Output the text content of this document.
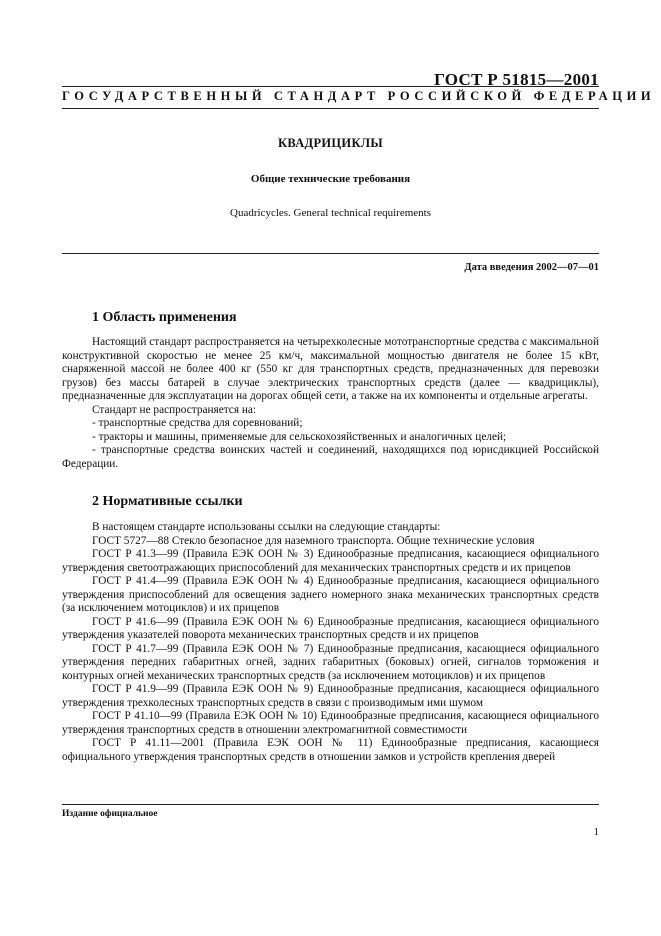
ГОСТ Р 51815—2001
ГОСУДАРСТВЕННЫЙ СТАНДАРТ РОССИЙСКОЙ ФЕДЕРАЦИИ
КВАДРИЦИКЛЫ
Общие технические требования
Quadricycles. General technical requirements
Дата введения 2002—07—01
1 Область применения

Настоящий стандарт распространяется на четырехколесные мототранспортные средства с максимальной конструктивной скоростью не менее 25 км/ч, максимальной мощностью двигателя не более 15 кВт, снаряженной массой не более 400 кг (550 кг для транспортных средств, предназначенных для перевозки грузов) без массы батарей в случае электрических транспортных средств (далее — квадрициклы), предназначенные для эксплуатации на дорогах общей сети, а также на их компоненты и отдельные агрегаты.

Стандарт не распространяется на:

- транспортные средства для соревнований;

- тракторы и машины, применяемые для сельскохозяйственных и аналогичных целей;

- транспортные средства воинских частей и соединений, находящихся под юрисдикцией Российской Федерации.

2 Нормативные ссылки

В настоящем стандарте использованы ссылки на следующие стандарты:

ГОСТ 5727—88 Стекло безопасное для наземного транспорта. Общие технические условия

ГОСТ Р 41.3—99 (Правила ЕЭК ООН № 3) Единообразные предписания, касающиеся официального утверждения светоотражающих приспособлений для механических транспортных средств и их прицепов

ГОСТ Р 41.4—99 (Правила ЕЭК ООН № 4) Единообразные предписания, касающиеся официального утверждения приспособлений для освещения заднего номерного знака механических транспортных средств (за исключением мотоциклов) и их прицепов

ГОСТ Р 41.6—99 (Правила ЕЭК ООН № 6) Единообразные предписания, касающиеся официального утверждения указателей поворота механических транспортных средств и их прицепов

ГОСТ Р 41.7—99 (Правила ЕЭК ООН № 7) Единообразные предписания, касающиеся официального утверждения передних габаритных огней, задних габаритных (боковых) огней, сигналов торможения и контурных огней механических транспортных средств (за исключением мотоциклов) и их прицепов

ГОСТ Р 41.9—99 (Правила ЕЭК ООН № 9) Единообразные предписания, касающиеся официального утверждения трехколесных транспортных средств в связи с производимым ими шумом

ГОСТ Р 41.10—99 (Правила ЕЭК ООН № 10) Единообразные предписания, касающиеся официального утверждения транспортных средств в отношении электромагнитной совместимости

ГОСТ Р 41.11—2001 (Правила ЕЭК ООН № 11) Единообразные предписания, касающиеся официального утверждения транспортных средств в отношении замков и устройств крепления дверей

Издание официальное
1
